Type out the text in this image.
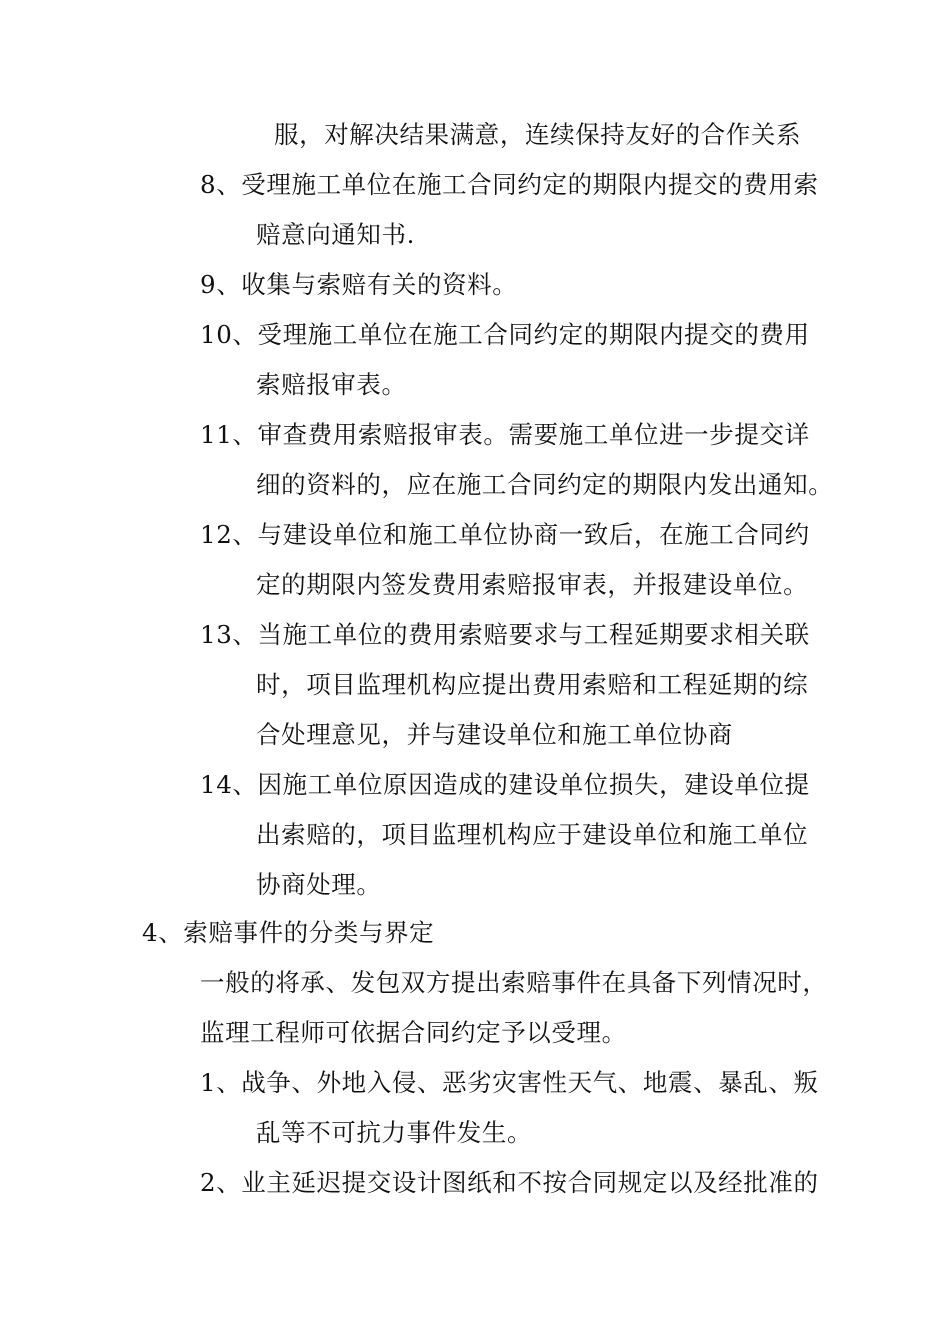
服，对解决结果满意，连续保持友好的合作关系
8、受理施工单位在施工合同约定的期限内提交的费用索
赔意向通知书.
9、收集与索赔有关的资料。
10、受理施工单位在施工合同约定的期限内提交的费用
索赔报审表。
11、审查费用索赔报审表。需要施工单位进一步提交详
细的资料的，应在施工合同约定的期限内发出通知。
12、与建设单位和施工单位协商一致后，在施工合同约
定的期限内签发费用索赔报审表，并报建设单位。
13、当施工单位的费用索赔要求与工程延期要求相关联
时，项目监理机构应提出费用索赔和工程延期的综
合处理意见，并与建设单位和施工单位协商
14、因施工单位原因造成的建设单位损失，建设单位提
出索赔的，项目监理机构应于建设单位和施工单位
协商处理。
4、索赔事件的分类与界定
一般的将承、发包双方提出索赔事件在具备下列情况时，
监理工程师可依据合同约定予以受理。
1、战争、外地入侵、恶劣灾害性天气、地震、暴乱、叛
乱等不可抗力事件发生。
2、业主延迟提交设计图纸和不按合同规定以及经批准的
